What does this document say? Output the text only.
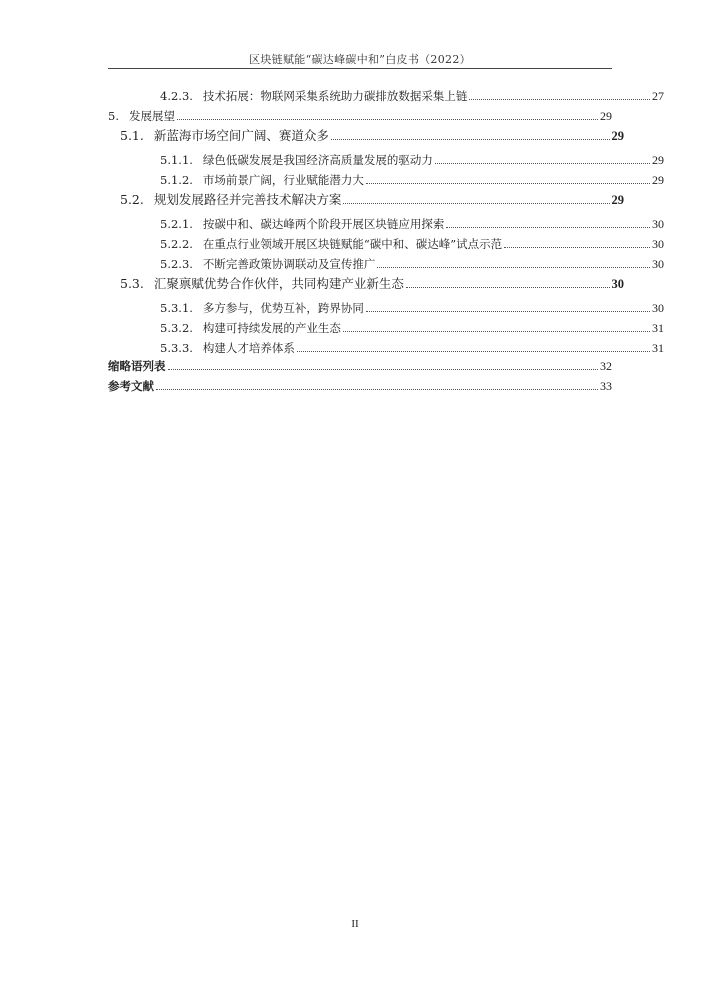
区块链赋能“碳达峰碳中和”白皮书（2022）
4.2.3. 技术拓展：物联网采集系统助力碳排放数据采集上链	27
5. 发展展望	29
5.1. 新蓝海市场空间广阔、赛道众多	29
5.1.1. 绿色低碳发展是我国经济高质量发展的驱动力	29
5.1.2. 市场前景广阔，行业赋能潜力大	29
5.2. 规划发展路径并完善技术解决方案	29
5.2.1. 按碳中和、碳达峰两个阶段开展区块链应用探索	30
5.2.2. 在重点行业领域开展区块链赋能“碳中和、碳达峰”试点示范	30
5.2.3. 不断完善政策协调联动及宣传推广	30
5.3. 汇聚禀赋优势合作伙伴，共同构建产业新生态	30
5.3.1. 多方参与，优势互补，跨界协同	30
5.3.2. 构建可持续发展的产业生态	31
5.3.3. 构建人才培养体系	31
缩略语列表	32
参考文献	33
II
